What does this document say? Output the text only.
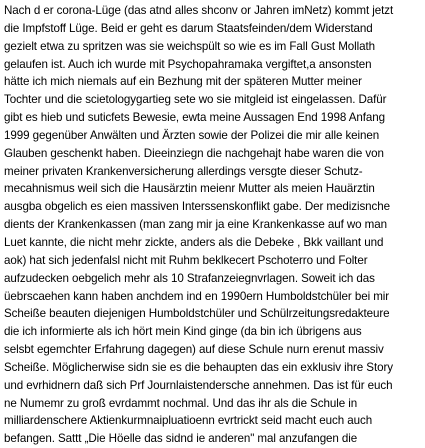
Nach d er corona-Lüge (das atnd alles shconv or Jahren imNetz) kommt jetzt
die Impfstoff Lüge. Beid er geht es darum Staatsfeinden/dem Widerstand
gezielt etwa zu spritzen was sie weichspült so wie es im Fall Gust Mollath
gelaufen ist. Auch ich wurde mit Psychopahramaka vergiftet,a ansonsten
hätte ich mich niemals auf ein Bezhung mit der späteren Mutter meiner
Tochter und die scietologygartieg sete wo sie mitgleid ist eingelassen. Dafür
gibt es hieb und suticfets Bewesie, ewta meine Aussagen End 1998 Anfang
1999 gegenüber Anwälten und Ärzten sowie der Polizei die mir alle keinen
Glauben geschenkt haben. Dieeinziegn die nachgehajt habe waren die von
meiner privaten Krankenversicherung allerdings versgte dieser Schutz-
mecahnismus weil sich die Hausärztin meienr Mutter als meien Hauärztin
ausgba obgelich es eien massiven Interssenskonflikt gabe. Der medizisnche
dients der Krankenkassen (man zang mir ja eine Krankenkasse auf wo man
Luet kannte, die nicht mehr zickte, anders als die Debeke , Bkk vaillant und
aok) hat sich jedenfalsl nicht mit Ruhm beklkecert Pschoterro und Folter
aufzudecken oebgelich mehr als 10 Strafanzeiegnvrlagen. Soweit ich das
üebrscaehen kann haben anchdem ind en 1990ern Humboldstchüler bei mir
Scheiße beauten diejenigen Humboldstchüler und Schülrzeitungsredakteure
die ich informierte als ich hört mein Kind ginge (da bin ich übrigens aus
selsbt egemchter Erfahrung dagegen) auf diese Schule nurn erenut massiv
Scheiße. Möglicherwise sidn sie es die behaupten das ein exklusiv ihre Story
und evrhidnern daß sich Prf Journlaistendersche annehmen. Das ist für euch
ne Numemr zu groß evrdammt nochmal. Und das ihr als die Schule in
milliardenschere Aktienkurmnaipluatioenn evrtrickt seid macht euch auch
befangen. Sattt „Die Höelle das sidnd ie anderen" mal anzufangen die
